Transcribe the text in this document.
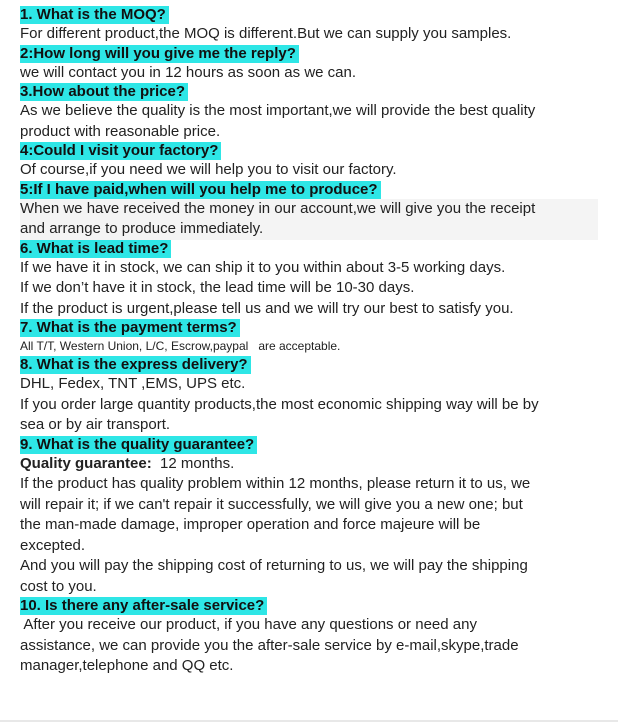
1. What is the MOQ?
For different product,the MOQ is different.But we can supply you samples.
2:How long will you give me the reply?
we will contact you in 12 hours as soon as we can.
3.How about the price?
As we believe the quality is the most important,we will provide the best quality
product with reasonable price.
4:Could I visit your factory?
Of course,if you need we will help you to visit our factory.
5:If I have paid,when will you help me to produce?
When we have received the money in our account,we will give you the receipt
and arrange to produce immediately.
6. What is lead time?
If we have it in stock, we can ship it to you within about 3-5 working days.
If we don’t have it in stock, the lead time will be 10-30 days.
If the product is urgent,please tell us and we will try our best to satisfy you.
7. What is the payment terms?
All T/T, Western Union, L/C, Escrow,paypal   are acceptable.
8. What is the express delivery?
DHL, Fedex, TNT ,EMS, UPS etc.
If you order large quantity products,the most economic shipping way will be by
sea or by air transport.
9. What is the quality guarantee?
Quality guarantee: 12 months.
If the product has quality problem within 12 months, please return it to us, we
will repair it; if we can't repair it successfully, we will give you a new one; but
the man-made damage, improper operation and force majeure will be
excepted.
And you will pay the shipping cost of returning to us, we will pay the shipping
cost to you.
10. Is there any after-sale service?
After you receive our product, if you have any questions or need any
assistance, we can provide you the after-sale service by e-mail,skype,trade
manager,telephone and QQ etc.
